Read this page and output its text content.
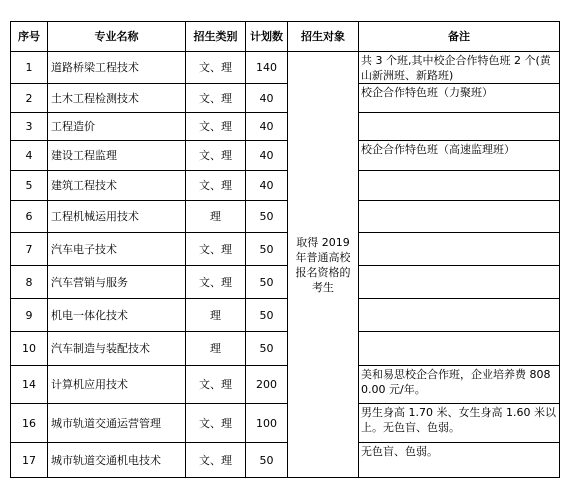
序号	专业名称	招生类别	计划数	招生对象	备注
1	道路桥梁工程技术	文、理	140	取得 2019 年普通高校报名资格的考生	共 3 个班,其中校企合作特色班 2 个(黄山新洲班、新路班)

2	土木工程检测技术	文、理	40		校企合作特色班（力聚班）

3	工程造价	文、理	40		

4	建设工程监理	文、理	40		校企合作特色班（高速监理班）

5	建筑工程技术	文、理	40		

6	工程机械运用技术	理	50		

7	汽车电子技术	文、理	50		

8	汽车营销与服务	文、理	50		

9	机电一体化技术	理	50		

10	汽车制造与装配技术	理	50		

14	计算机应用技术	文、理	200		美和易思校企合作班，企业培养费 8080.00 元/年。

16	城市轨道交通运营管理	文、理	100		男生身高 1.70 米、女生身高 1.60 米以上。无色盲、色弱。

17	城市轨道交通机电技术	文、理	50		无色盲、色弱。
